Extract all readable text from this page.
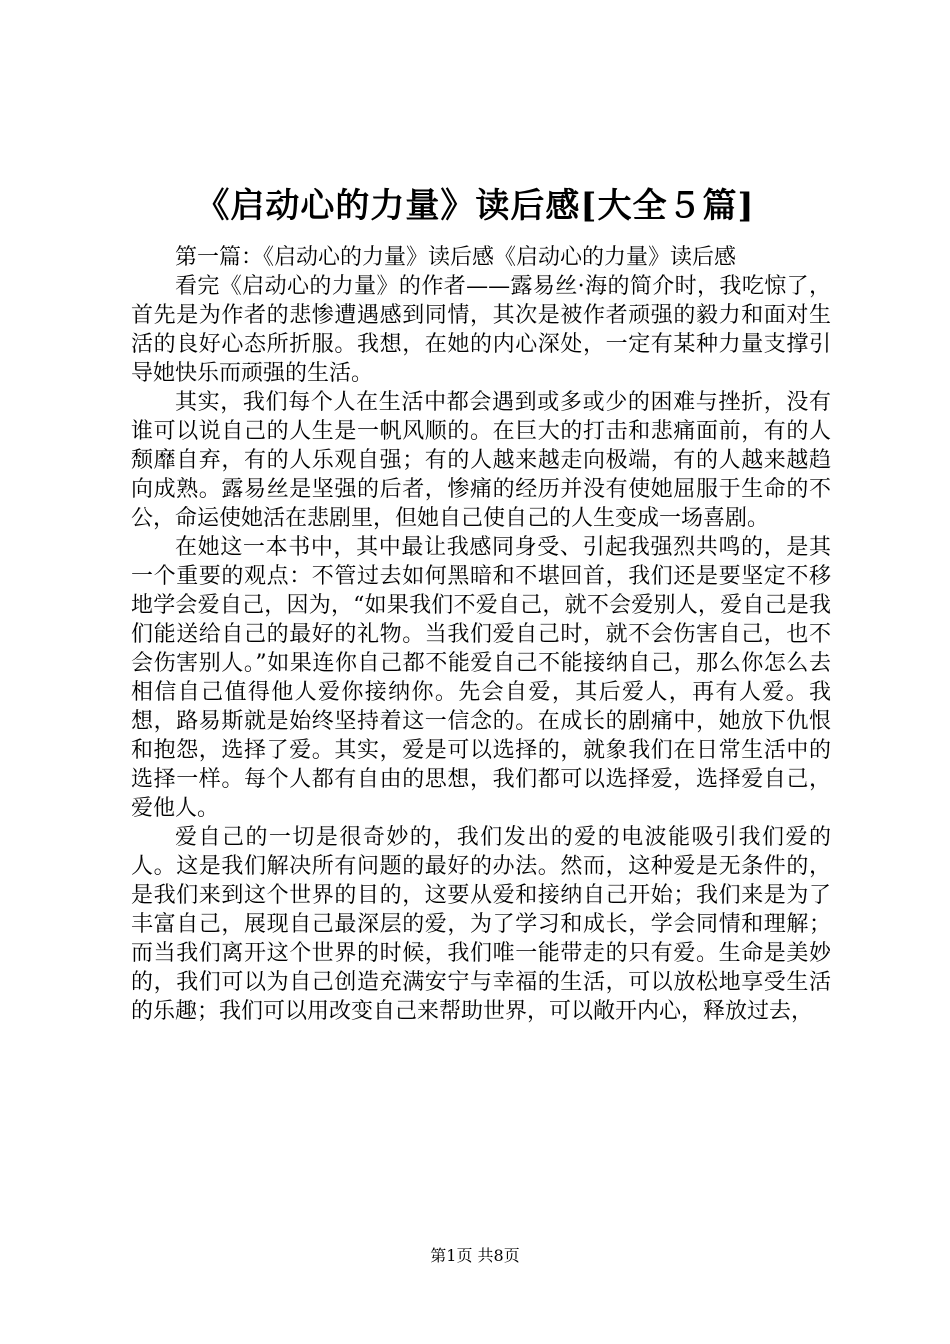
《启动心的力量》读后感[大全５篇]

第一篇：《启动心的力量》读后感《启动心的力量》读后感

看完《启动心的力量》的作者——露易丝·海的简介时，我吃惊了，首先是为作者的悲惨遭遇感到同情，其次是被作者顽强的毅力和面对生活的良好心态所折服。我想，在她的内心深处，一定有某种力量支撑引导她快乐而顽强的生活。

其实，我们每个人在生活中都会遇到或多或少的困难与挫折，没有谁可以说自己的人生是一帆风顺的。在巨大的打击和悲痛面前，有的人颓靡自弃，有的人乐观自强；有的人越来越走向极端，有的人越来越趋向成熟。露易丝是坚强的后者，惨痛的经历并没有使她屈服于生命的不公，命运使她活在悲剧里，但她自己使自己的人生变成一场喜剧。

在她这一本书中，其中最让我感同身受、引起我强烈共鸣的，是其一个重要的观点：不管过去如何黑暗和不堪回首，我们还是要坚定不移地学会爱自己，因为，“如果我们不爱自己，就不会爱别人，爱自己是我们能送给自己的最好的礼物。当我们爱自己时，就不会伤害自己，也不会伤害别人。”如果连你自己都不能爱自己不能接纳自己，那么你怎么去相信自己值得他人爱你接纳你。先会自爱，其后爱人，再有人爱。我想，路易斯就是始终坚持着这一信念的。在成长的剧痛中，她放下仇恨和抱怨，选择了爱。其实，爱是可以选择的，就象我们在日常生活中的选择一样。每个人都有自由的思想，我们都可以选择爱，选择爱自己，爱他人。

爱自己的一切是很奇妙的，我们发出的爱的电波能吸引我们爱的人。这是我们解决所有问题的最好的办法。然而，这种爱是无条件的，是我们来到这个世界的目的，这要从爱和接纳自己开始；我们来是为了丰富自己，展现自己最深层的爱，为了学习和成长，学会同情和理解；而当我们离开这个世界的时候，我们唯一能带走的只有爱。生命是美妙的，我们可以为自己创造充满安宁与幸福的生活，可以放松地享受生活的乐趣；我们可以用改变自己来帮助世界，可以敞开内心，释放过去，

第1页 共8页
